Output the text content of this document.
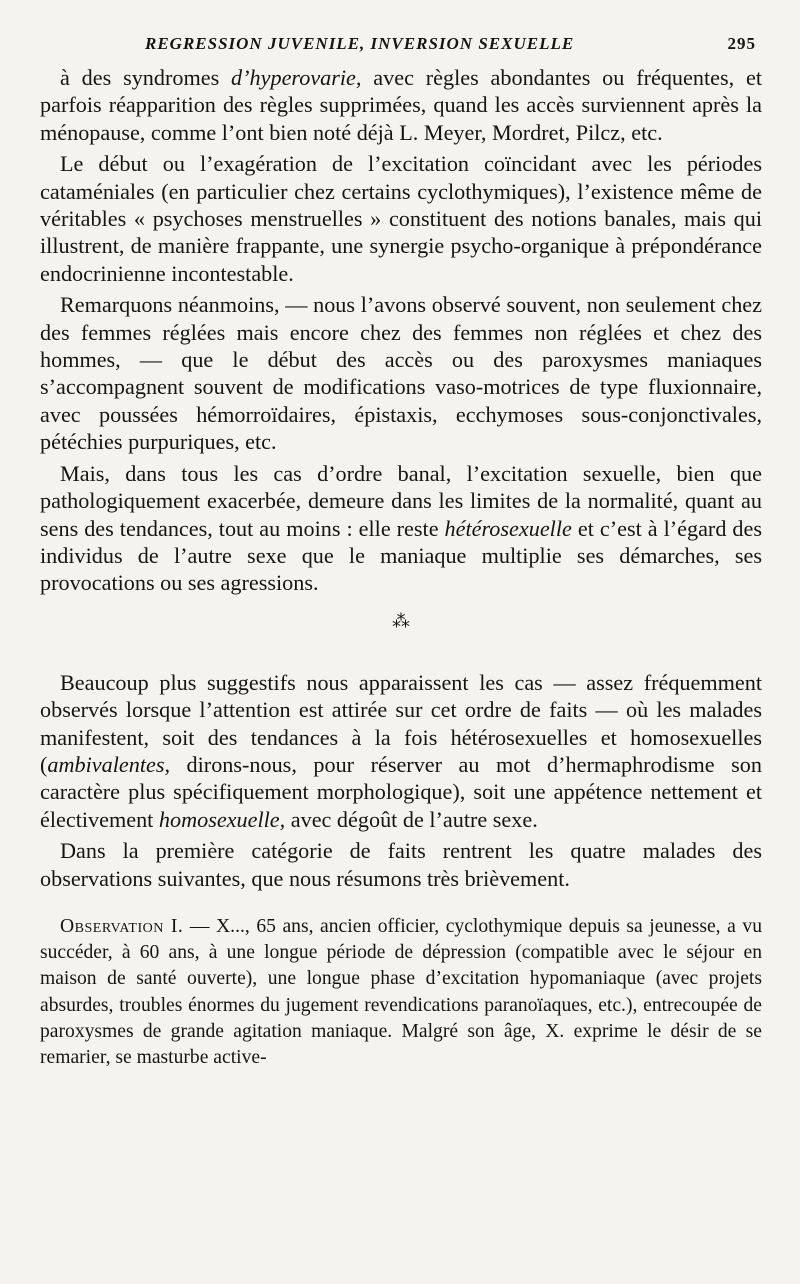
REGRESSION JUVENILE, INVERSION SEXUELLE	295

à des syndromes d’hyperovarie, avec règles abondantes ou fréquentes, et parfois réapparition des règles supprimées, quand les accès surviennent après la ménopause, comme l’ont bien noté déjà L. Meyer, Mordret, Pilcz, etc.

Le début ou l’exagération de l’excitation coïncidant avec les périodes cataméniales (en particulier chez certains cyclothymiques), l’existence même de véritables « psychoses menstruelles » constituent des notions banales, mais qui illustrent, de manière frappante, une synergie psycho-organique à prépondérance endocrinienne incontestable.

Remarquons néanmoins, — nous l’avons observé souvent, non seulement chez des femmes réglées mais encore chez des femmes non réglées et chez des hommes, — que le début des accès ou des paroxysmes maniaques s’accompagnent souvent de modifications vaso-motrices de type fluxionnaire, avec poussées hémorroïdaires, épistaxis, ecchymoses sous-conjonctivales, pétéchies purpuriques, etc.

Mais, dans tous les cas d’ordre banal, l’excitation sexuelle, bien que pathologiquement exacerbée, demeure dans les limites de la normalité, quant au sens des tendances, tout au moins : elle reste hétérosexuelle et c’est à l’égard des individus de l’autre sexe que le maniaque multiplie ses démarches, ses provocations ou ses agressions.

⁂

Beaucoup plus suggestifs nous apparaissent les cas — assez fréquemment observés lorsque l’attention est attirée sur cet ordre de faits — où les malades manifestent, soit des tendances à la fois hétérosexuelles et homosexuelles (ambivalentes, dirons-nous, pour réserver au mot d’hermaphrodisme son caractère plus spécifiquement morphologique), soit une appétence nettement et électivement homosexuelle, avec dégoût de l’autre sexe.

Dans la première catégorie de faits rentrent les quatre malades des observations suivantes, que nous résumons très brièvement.

Observation I. — X..., 65 ans, ancien officier, cyclothymique depuis sa jeunesse, a vu succéder, à 60 ans, à une longue période de dépression (compatible avec le séjour en maison de santé ouverte), une longue phase d’excitation hypomaniaque (avec projets absurdes, troubles énormes du jugement revendications paranoïaques, etc.), entrecoupée de paroxysmes de grande agitation maniaque. Malgré son âge, X. exprime le désir de se remarier, se masturbe active-
